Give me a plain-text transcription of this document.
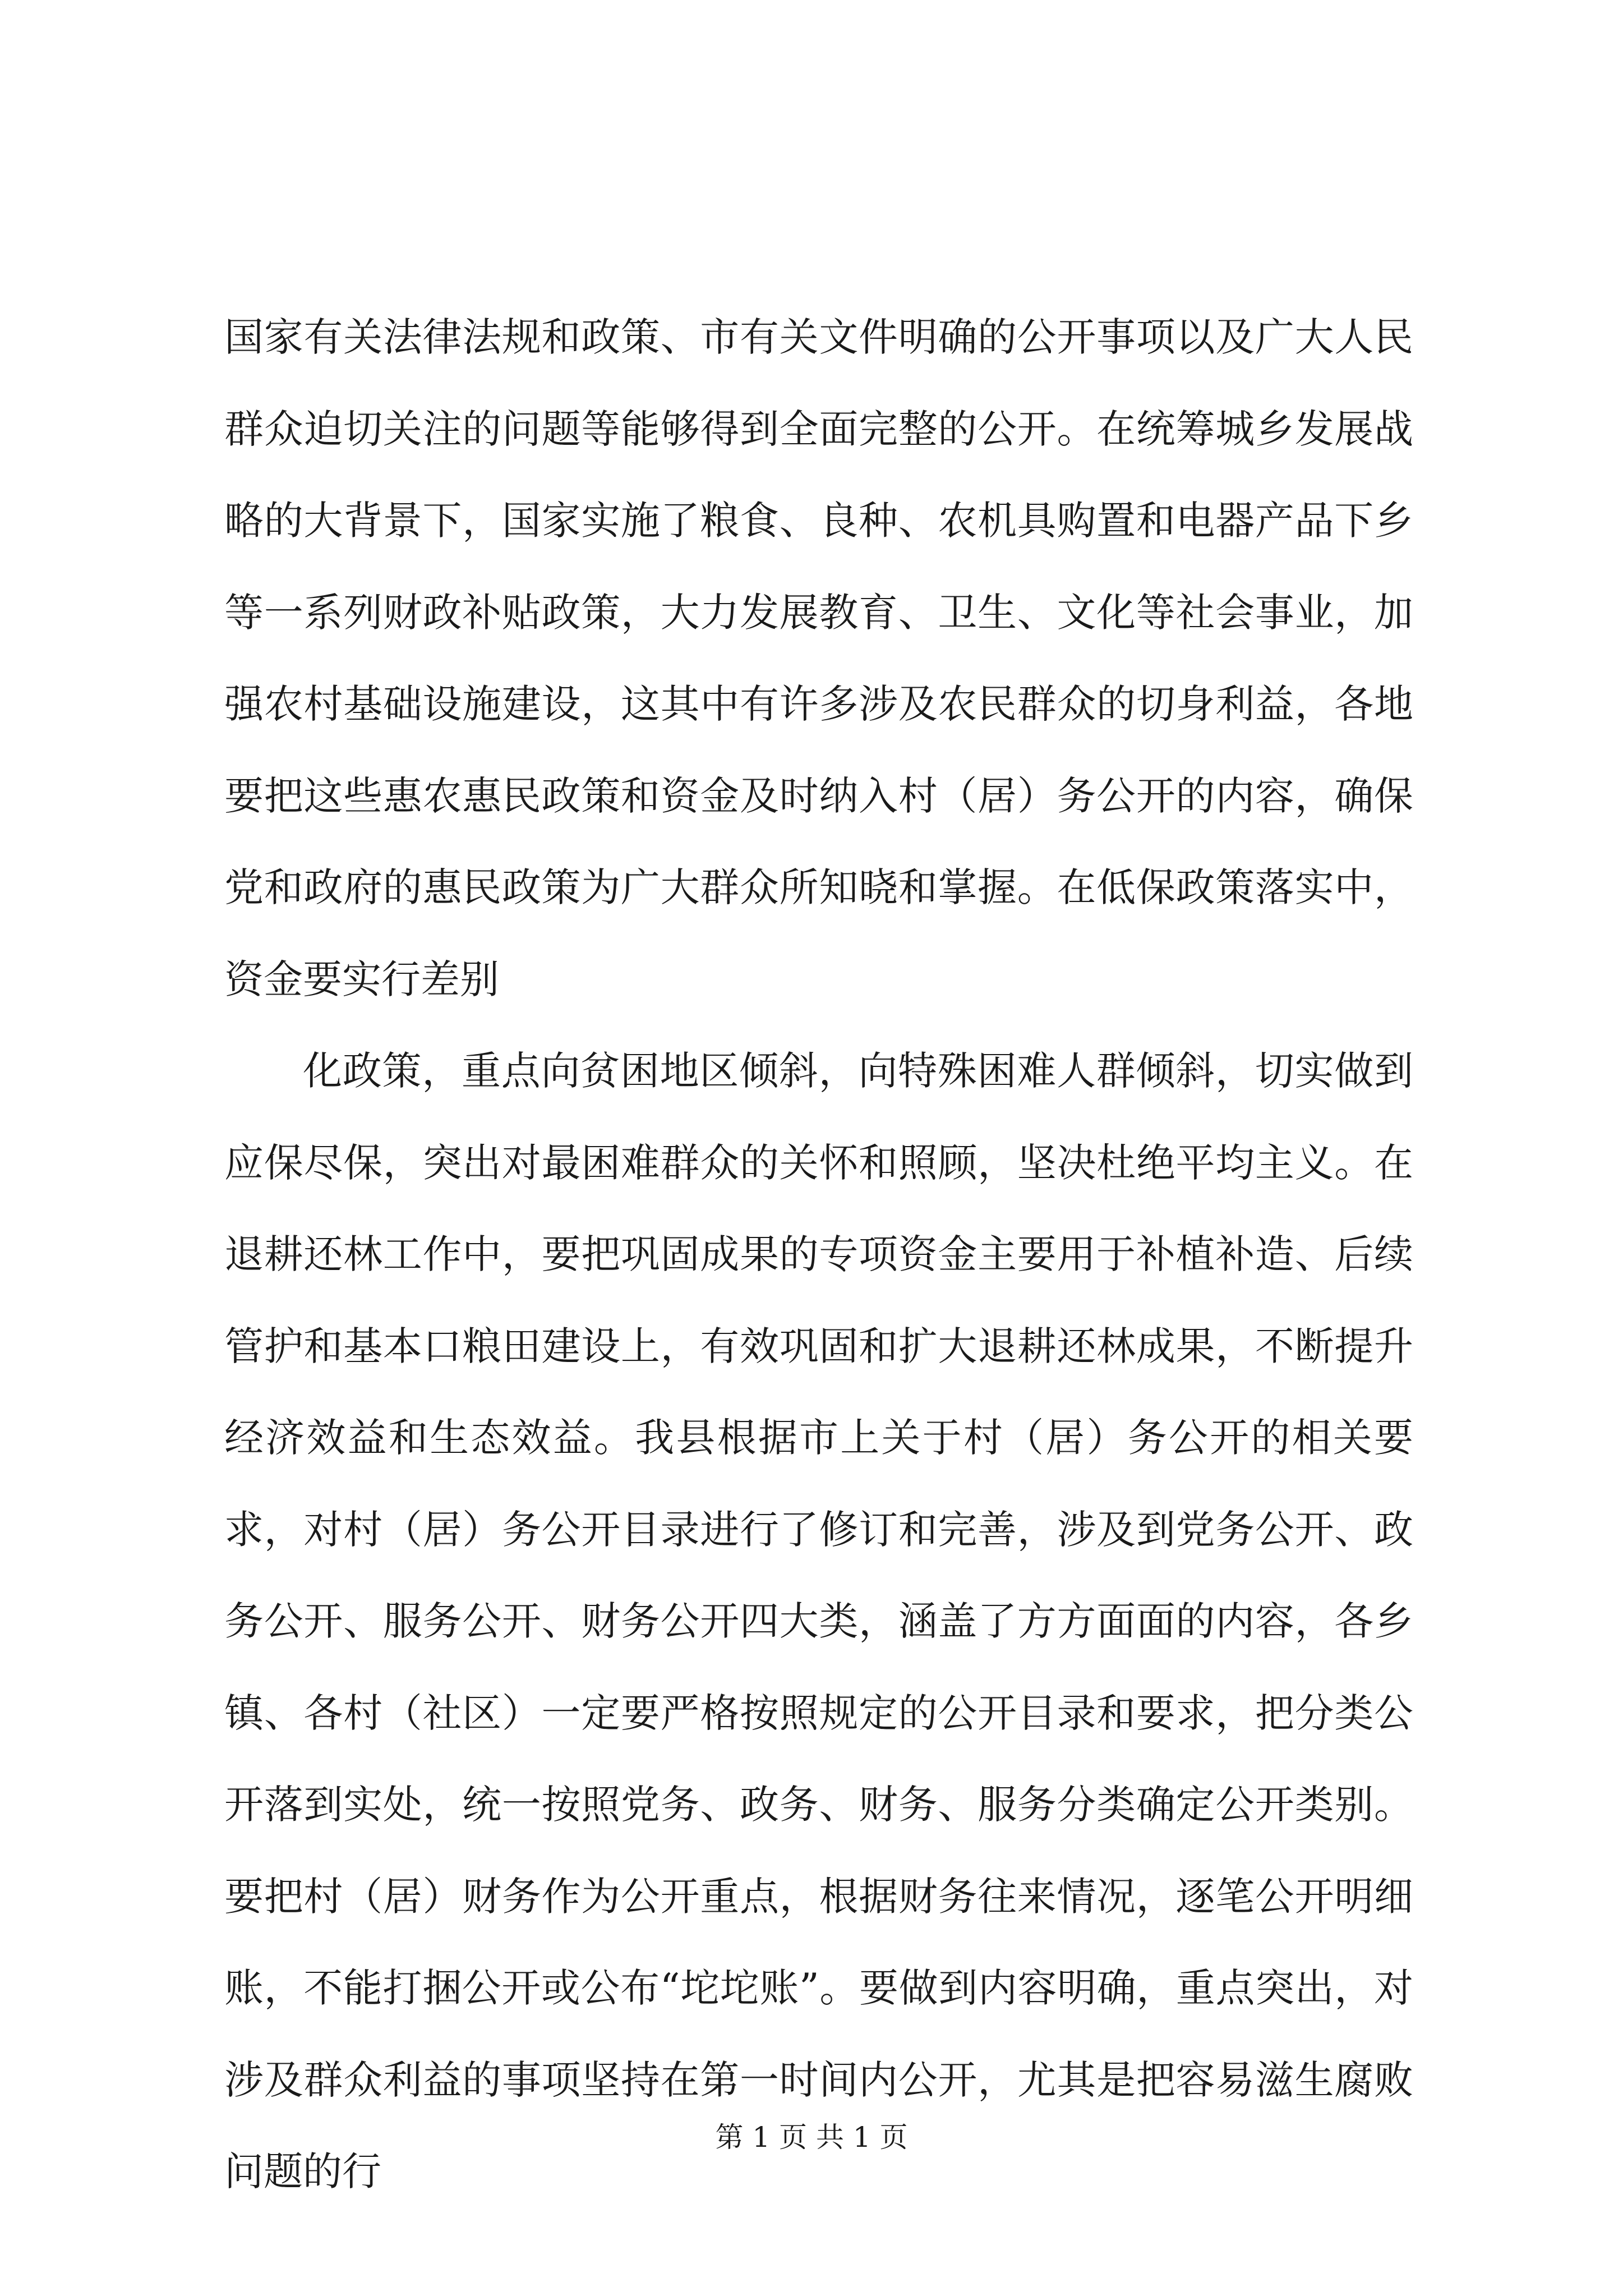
国家有关法律法规和政策、市有关文件明确的公开事项以及广大人民群众迫切关注的问题等能够得到全面完整的公开。在统筹城乡发展战略的大背景下，国家实施了粮食、良种、农机具购置和电器产品下乡等一系列财政补贴政策，大力发展教育、卫生、文化等社会事业，加强农村基础设施建设，这其中有许多涉及农民群众的切身利益，各地要把这些惠农惠民政策和资金及时纳入村（居）务公开的内容，确保党和政府的惠民政策为广大群众所知晓和掌握。在低保政策落实中，资金要实行差别

化政策，重点向贫困地区倾斜，向特殊困难人群倾斜，切实做到应保尽保，突出对最困难群众的关怀和照顾，坚决杜绝平均主义。在退耕还林工作中，要把巩固成果的专项资金主要用于补植补造、后续管护和基本口粮田建设上，有效巩固和扩大退耕还林成果，不断提升经济效益和生态效益。我县根据市上关于村（居）务公开的相关要求，对村（居）务公开目录进行了修订和完善，涉及到党务公开、政务公开、服务公开、财务公开四大类，涵盖了方方面面的内容，各乡镇、各村（社区）一定要严格按照规定的公开目录和要求，把分类公开落到实处，统一按照党务、政务、财务、服务分类确定公开类别。要把村（居）财务作为公开重点，根据财务往来情况，逐笔公开明细账，不能打捆公开或公布“坨坨账”。要做到内容明确，重点突出，对涉及群众利益的事项坚持在第一时间内公开，尤其是把容易滋生腐败问题的行

第 1 页 共 1 页
